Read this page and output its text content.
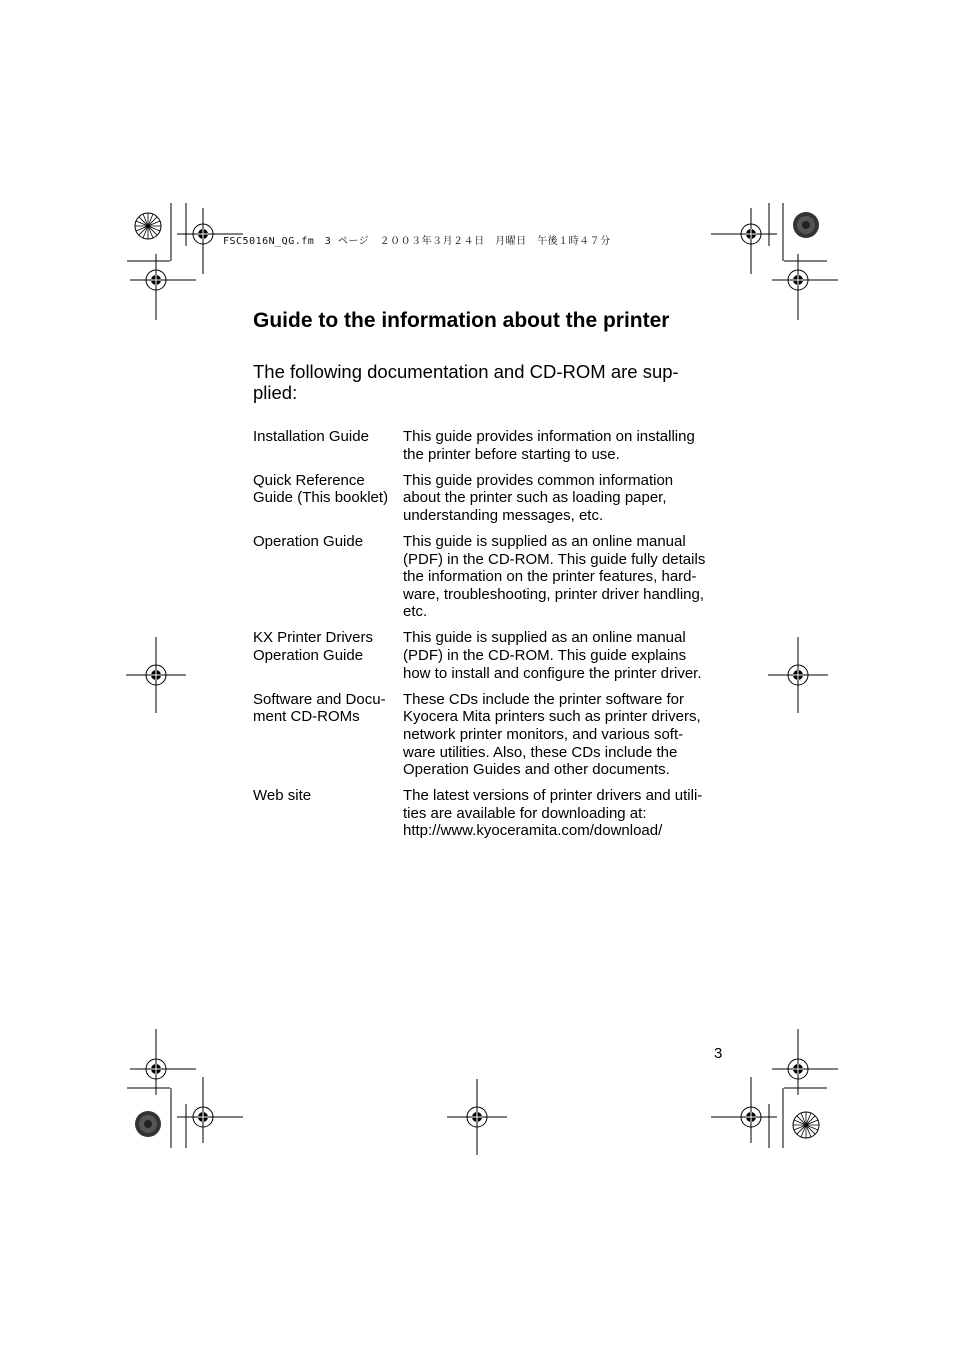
FSC5016N_QG.fm　3 ページ　２００３年３月２４日　月曜日　午後１時４７分
Guide to the information about the printer

The following documentation and CD-ROM are sup-
plied:

Installation Guide	This guide provides information on installing
the printer before starting to use.
Quick Reference
Guide (This booklet)	This guide provides common information
about the printer such as loading paper,
understanding messages, etc.
Operation Guide	This guide is supplied as an online manual
(PDF) in the CD-ROM. This guide fully details
the information on the printer features, hard-
ware, troubleshooting, printer driver handling,
etc.
KX Printer Drivers
Operation Guide	This guide is supplied as an online manual
(PDF) in the CD-ROM. This guide explains
how to install and configure the printer driver.
Software and Docu-
ment CD-ROMs	These CDs include the printer software for
Kyocera Mita printers such as printer drivers,
network printer monitors, and various soft-
ware utilities. Also, these CDs include the
Operation Guides and other documents.
Web site	The latest versions of printer drivers and utili-
ties are available for downloading at:
http://www.kyoceramita.com/download/
3
